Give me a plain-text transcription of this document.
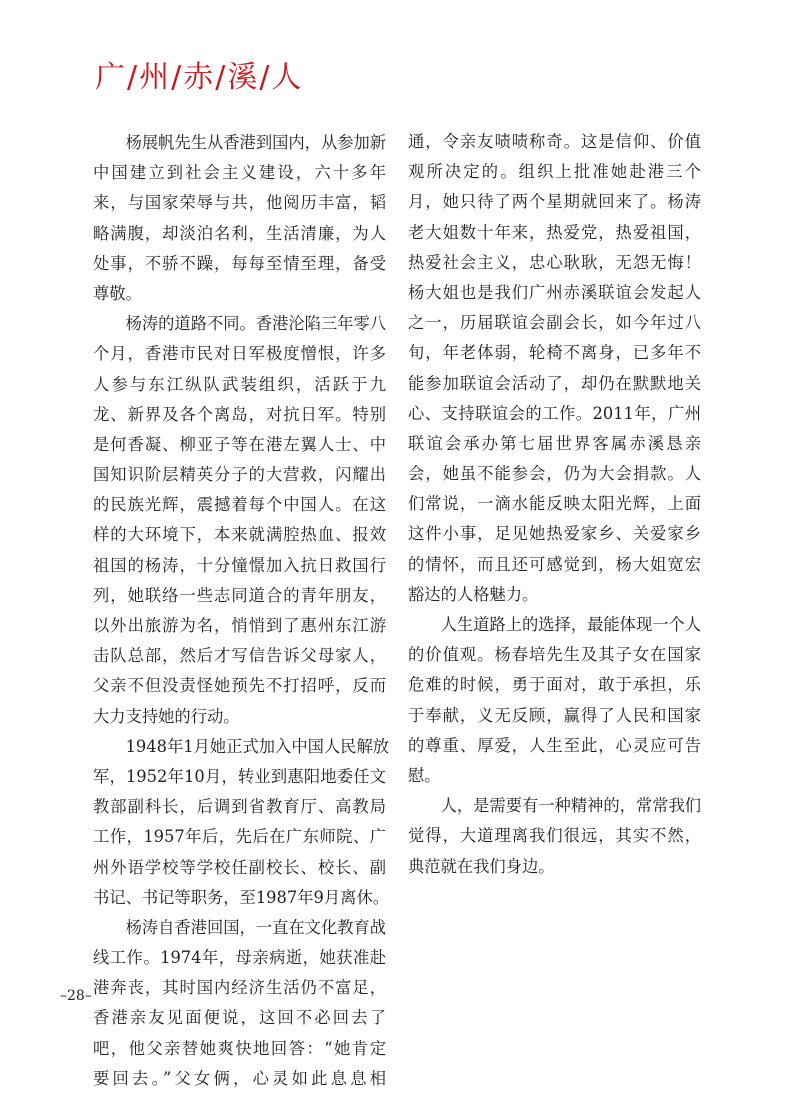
广/州/赤/溪/人
　　杨展帆先生从香港到国内，从参加新
中国建立到社会主义建设，六十多年
来，与国家荣辱与共，他阅历丰富，韬
略满腹，却淡泊名利，生活清廉，为人
处事，不骄不躁，每每至情至理，备受
尊敬。
　　杨涛的道路不同。香港沦陷三年零八
个月，香港市民对日军极度憎恨，许多
人参与东江纵队武装组织，活跃于九
龙、新界及各个离岛，对抗日军。特别
是何香凝、柳亚子等在港左翼人士、中
国知识阶层精英分子的大营救，闪耀出
的民族光辉，震撼着每个中国人。在这
样的大环境下，本来就满腔热血、报效
祖国的杨涛，十分憧憬加入抗日救国行
列，她联络一些志同道合的青年朋友，
以外出旅游为名，悄悄到了惠州东江游
击队总部，然后才写信告诉父母家人，
父亲不但没责怪她预先不打招呼，反而
大力支持她的行动。
　　1948年1月她正式加入中国人民解放
军，1952年10月，转业到惠阳地委任文
教部副科长，后调到省教育厅、高教局
工作，1957年后，先后在广东师院、广
州外语学校等学校任副校长、校长、副
书记、书记等职务，至1987年9月离休。
　　杨涛自香港回国，一直在文化教育战
线工作。1974年，母亲病逝，她获准赴
港奔丧，其时国内经济生活仍不富足，
香港亲友见面便说，这回不必回去了
吧，他父亲替她爽快地回答：“她肯定
要回去。”父女俩，心灵如此息息相
通，令亲友啧啧称奇。这是信仰、价值
观所决定的。组织上批准她赴港三个
月，她只待了两个星期就回来了。杨涛
老大姐数十年来，热爱党，热爱祖国，
热爱社会主义，忠心耿耿，无怨无悔！
杨大姐也是我们广州赤溪联谊会发起人
之一，历届联谊会副会长，如今年过八
旬，年老体弱，轮椅不离身，已多年不
能参加联谊会活动了，却仍在默默地关
心、支持联谊会的工作。2011年，广州
联谊会承办第七届世界客属赤溪恳亲
会，她虽不能参会，仍为大会捐款。人
们常说，一滴水能反映太阳光辉，上面
这件小事，足见她热爱家乡、关爱家乡
的情怀，而且还可感觉到，杨大姐宽宏
豁达的人格魅力。
　　人生道路上的选择，最能体现一个人
的价值观。杨春培先生及其子女在国家
危难的时候，勇于面对，敢于承担，乐
于奉献，义无反顾，赢得了人民和国家
的尊重、厚爱，人生至此，心灵应可告
慰。
　　人，是需要有一种精神的，常常我们
觉得，大道理离我们很远，其实不然，
典范就在我们身边。
–28–
